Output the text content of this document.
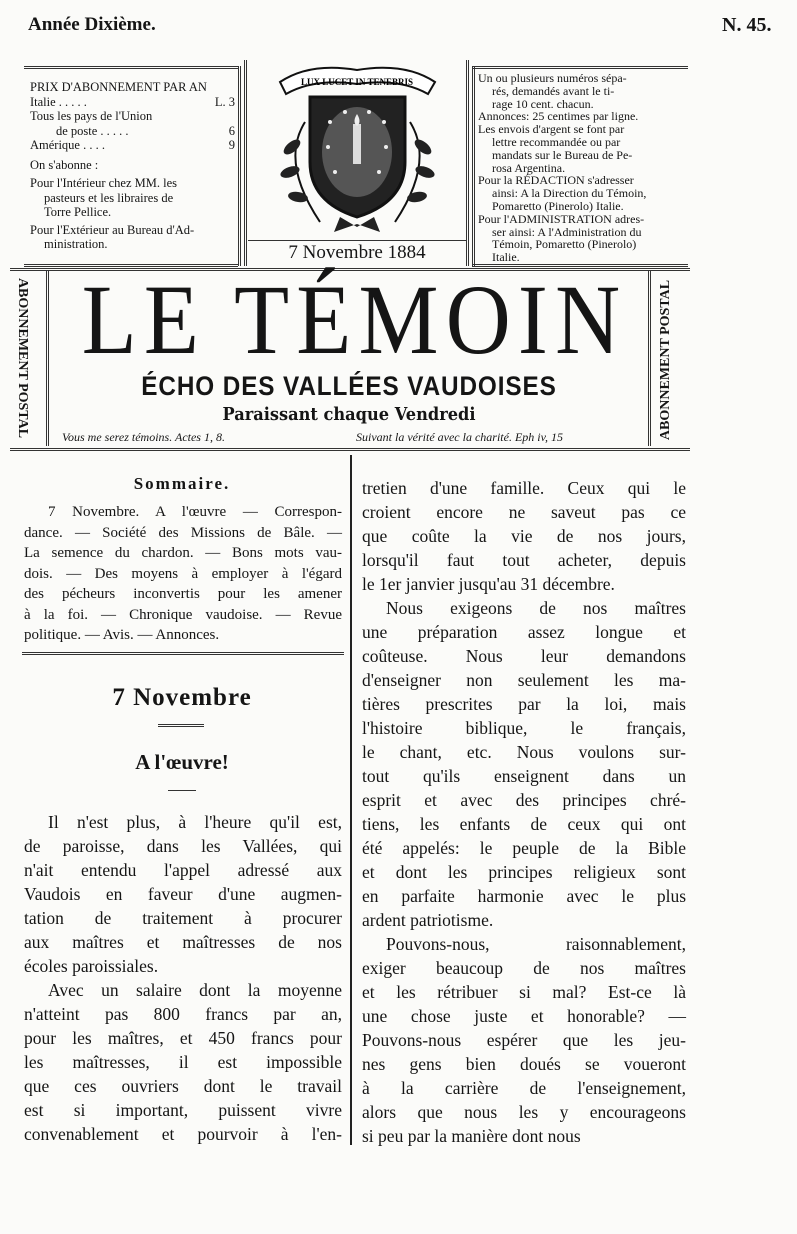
Année Dixième.	N. 45.
PRIX D'ABONNEMENT PAR AN
Italie . . . . .	L. 3
Tous les pays de l'Union
de poste . . . . .	6
Amérique . . . .	9
On s'abonne :
Pour l'Intérieur chez MM. les
pasteurs et les libraires de
Torre Pellice.
Pour l'Extérieur au Bureau d'Ad-
ministration.
LUX LUCET IN TENEBRIS
7 Novembre 1884
Un ou plusieurs numéros sépa-
rés, demandés avant le ti-
rage 10 cent. chacun.
Annonces: 25 centimes par ligne.
Les envois d'argent se font par
lettre recommandée ou par
mandats sur le Bureau de Pe-
rosa Argentina.
Pour la RÉDACTION s'adresser
ainsi: A la Direction du Témoin,
Pomaretto (Pinerolo) Italie.
Pour l'ADMINISTRATION adres-
ser ainsi: A l'Administration du
Témoin, Pomaretto (Pinerolo)
Italie.
ABONNEMENT POSTAL	ABONNEMENT POSTAL
LE TÉMOIN
ÉCHO DES VALLÉES VAUDOISES
Paraissant chaque Vendredi
Vous me serez témoins. Actes 1, 8.	Suivant la vérité avec la charité. Eph iv, 15
Sommaire.
7 Novembre. A l'œuvre — Correspon-
dance. — Société des Missions de Bâle. —
La semence du chardon. — Bons mots vau-
dois. — Des moyens à employer à l'égard
des pécheurs inconvertis pour les amener
à la foi. — Chronique vaudoise. — Revue
politique. — Avis. — Annonces.
7 Novembre
A l'œuvre!
Il n'est plus, à l'heure qu'il est,
de paroisse, dans les Vallées, qui
n'ait entendu l'appel adressé aux
Vaudois en faveur d'une augmen-
tation de traitement à procurer
aux maîtres et maîtresses de nos
écoles paroissiales.
Avec un salaire dont la moyenne
n'atteint pas 800 francs par an,
pour les maîtres, et 450 francs pour
les maîtresses, il est impossible
que ces ouvriers dont le travail
est si important, puissent vivre
convenablement et pourvoir à l'en-
tretien d'une famille. Ceux qui le
croient encore ne saveut pas ce
que coûte la vie de nos jours,
lorsqu'il faut tout acheter, depuis
le 1er janvier jusqu'au 31 décembre.
Nous exigeons de nos maîtres
une préparation assez longue et
coûteuse. Nous leur demandons
d'enseigner non seulement les ma-
tières prescrites par la loi, mais
l'histoire biblique, le français,
le chant, etc. Nous voulons sur-
tout qu'ils enseignent dans un
esprit et avec des principes chré-
tiens, les enfants de ceux qui ont
été appelés: le peuple de la Bible
et dont les principes religieux sont
en parfaite harmonie avec le plus
ardent patriotisme.
Pouvons-nous, raisonnablement,
exiger beaucoup de nos maîtres
et les rétribuer si mal? Est-ce là
une chose juste et honorable? —
Pouvons-nous espérer que les jeu-
nes gens bien doués se voueront
à la carrière de l'enseignement,
alors que nous les y encourageons
si peu par la manière dont nous
